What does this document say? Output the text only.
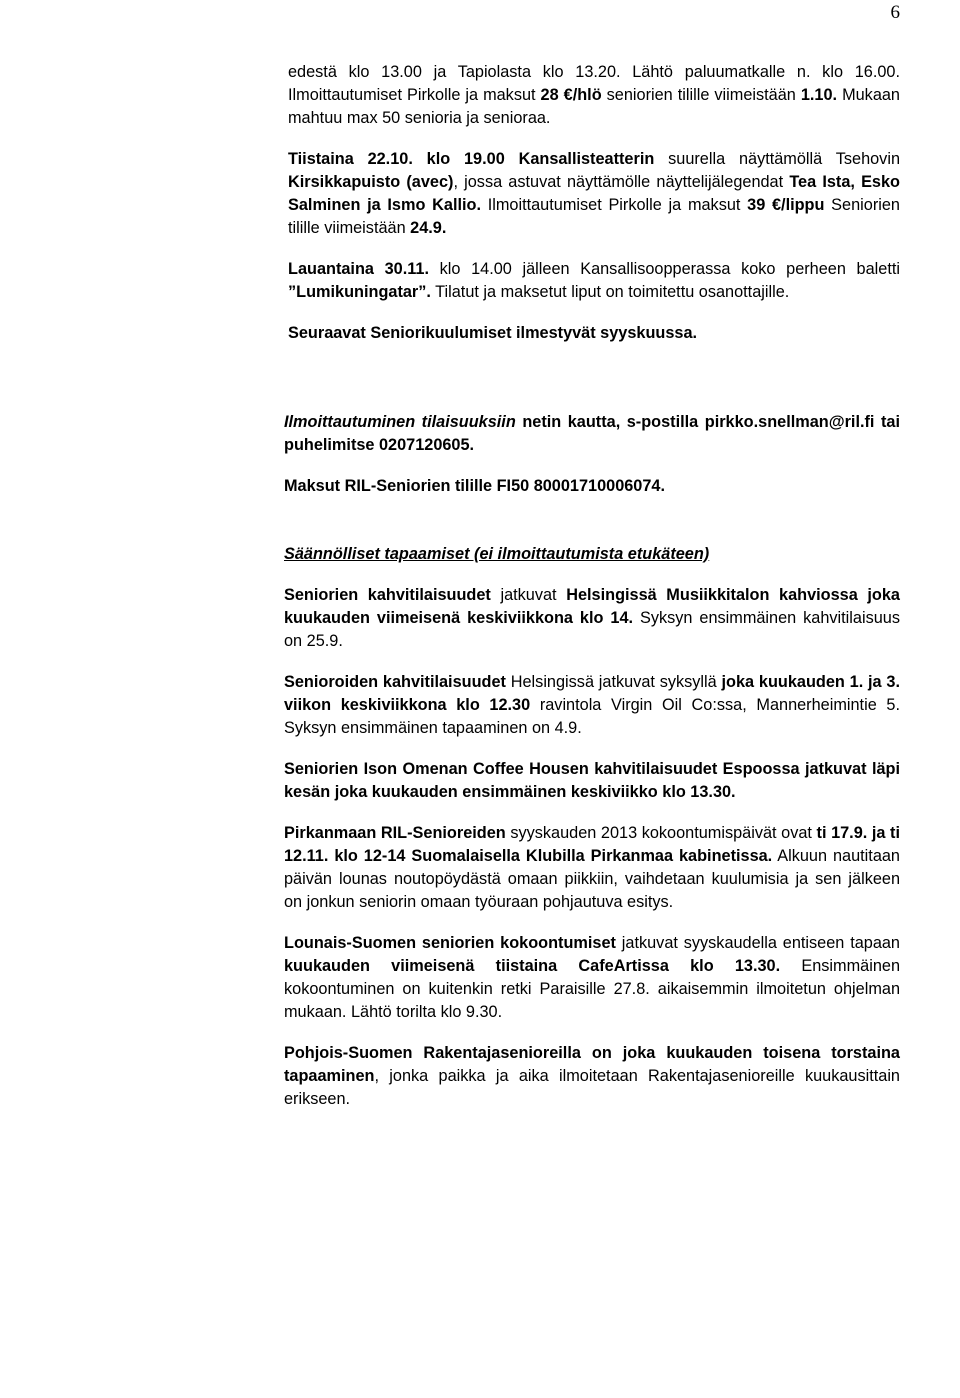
6

edestä klo 13.00 ja Tapiolasta klo 13.20. Lähtö paluumatkalle n. klo 16.00. Ilmoittautumiset Pirkolle ja maksut 28 €/hlö seniorien tilille viimeistään 1.10. Mukaan mahtuu max 50 senioria ja senioraa.

Tiistaina 22.10. klo 19.00 Kansallisteatterin suurella näyttämöllä Tsehovin Kirsikkapuisto (avec), jossa astuvat näyttämölle näyttelijälegendat Tea Ista, Esko Salminen ja Ismo Kallio. Ilmoittautumiset Pirkolle ja maksut 39 €/lippu Seniorien tilille viimeistään 24.9.

Lauantaina 30.11. klo 14.00 jälleen Kansallisoopperassa koko perheen baletti ”Lumikuningatar”. Tilatut ja maksetut liput on toimitettu osanottajille.

Seuraavat Seniorikuulumiset ilmestyvät syyskuussa.

Ilmoittautuminen tilaisuuksiin netin kautta, s-postilla pirkko.snellman@ril.fi tai puhelimitse 0207120605.

Maksut RIL-Seniorien tilille FI50 80001710006074.

Säännölliset tapaamiset (ei ilmoittautumista etukäteen)

Seniorien kahvitilaisuudet jatkuvat Helsingissä Musiikkitalon kahviossa joka kuukauden viimeisenä keskiviikkona klo 14. Syksyn ensimmäinen kahvitilaisuus on 25.9.

Senioroiden kahvitilaisuudet Helsingissä jatkuvat syksyllä joka kuukauden 1. ja 3. viikon keskiviikkona klo 12.30 ravintola Virgin Oil Co:ssa, Mannerheimintie 5. Syksyn ensimmäinen tapaaminen on 4.9.

Seniorien Ison Omenan Coffee Housen kahvitilaisuudet Espoossa jatkuvat läpi kesän joka kuukauden ensimmäinen keskiviikko klo 13.30.

Pirkanmaan RIL-Senioreiden syyskauden 2013 kokoontumispäivät ovat ti 17.9. ja ti 12.11. klo 12-14 Suomalaisella Klubilla Pirkanmaa kabinetissa. Alkuun nautitaan päivän lounas noutopöydästä omaan piikkiin, vaihdetaan kuulumisia ja sen jälkeen on jonkun seniorin omaan työuraan pohjautuva esitys.

Lounais-Suomen seniorien kokoontumiset jatkuvat syyskaudella entiseen tapaan kuukauden viimeisenä tiistaina CafeArtissa klo 13.30. Ensimmäinen kokoontuminen on kuitenkin retki Paraisille 27.8. aikaisemmin ilmoitetun ohjelman mukaan. Lähtö torilta klo 9.30.

Pohjois-Suomen Rakentajasenioreilla on joka kuukauden toisena torstaina tapaaminen, jonka paikka ja aika ilmoitetaan Rakentajasenioreille kuukausittain erikseen.
